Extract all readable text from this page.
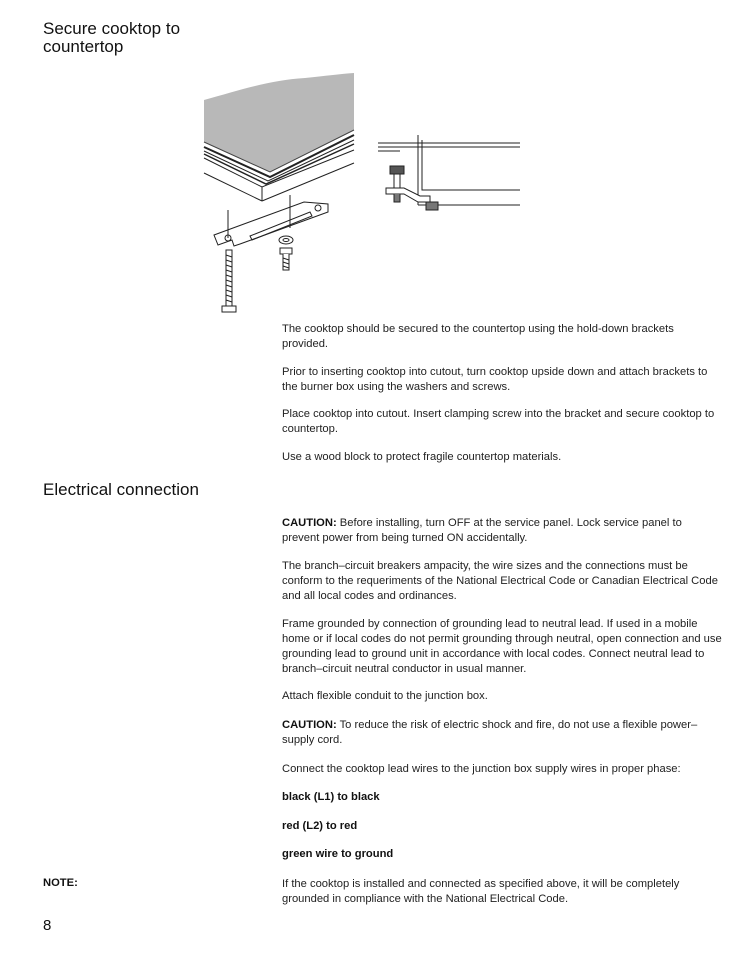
Secure cooktop to
countertop

The cooktop should be secured to the countertop using the hold-down brackets provided.

Prior to inserting cooktop into cutout, turn cooktop upside down and attach brackets to the burner box using the washers and screws.

Place cooktop into cutout. Insert clamping screw into the bracket and secure cooktop to countertop.

Use a wood block to protect fragile countertop materials.

Electrical connection

CAUTION: Before installing, turn OFF at the service panel. Lock service panel to prevent power from being turned ON accidentally.

The branch–circuit breakers ampacity, the wire sizes and the connections must be conform to the requeriments of the National Electrical Code or Canadian Electrical Code and all local codes and ordinances.

Frame grounded by connection of grounding lead to neutral lead. If used in a mobile home or if local codes do not permit grounding through neutral, open connection and use grounding lead to ground unit in accordance with local codes. Connect neutral lead to branch–circuit neutral conductor in usual manner.

Attach flexible conduit to the junction box.

CAUTION: To reduce the risk of electric shock and fire, do not use a flexible power–supply cord.

Connect the cooktop lead wires to the junction box supply wires in proper phase:

black (L1) to black

red (L2) to red

green wire to ground

NOTE:	If the cooktop is installed and connected as specified above, it will be completely grounded in compliance with the National Electrical Code.

8
